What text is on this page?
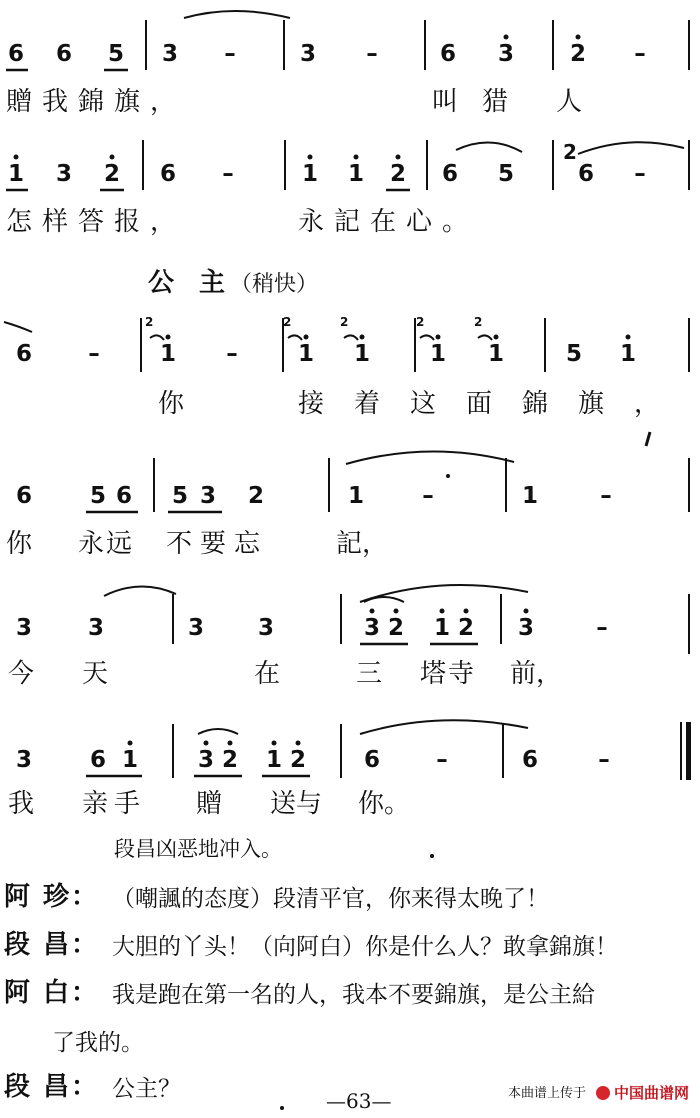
6 6 5 3	–	3	–	6 3 2	–
贈我錦旗，	叫猎 人
1 3 2 6	–	1 1 2 6 5	6	–
2
怎样答报，	永記在心。
公 主
（稍快）
6	–	1	–	1 1	1 1	5 1
你	接着这面錦旗，
6	5 6 5 3 2	1	–	1	–
你 永远 不要忘	記，
3 3	3 3	3 2 1 2 3	–
今 天	在	三 塔寺 前，
3	6 1	3 2 1 2	6	–	6	–
我 亲手 贈 送与 你。
2	2	2	2	2
段昌凶恶地冲入。
阿 珍： （嘲諷的态度）段清平官，你来得太晚了！
段 昌： 大胆的丫头！（向阿白）你是什么人？敢拿錦旗！
阿 白： 我是跑在第一名的人，我本不要錦旗，是公主給
了我的。
段 昌： 公主？	—63—	本曲谱上传于 中国曲谱网
